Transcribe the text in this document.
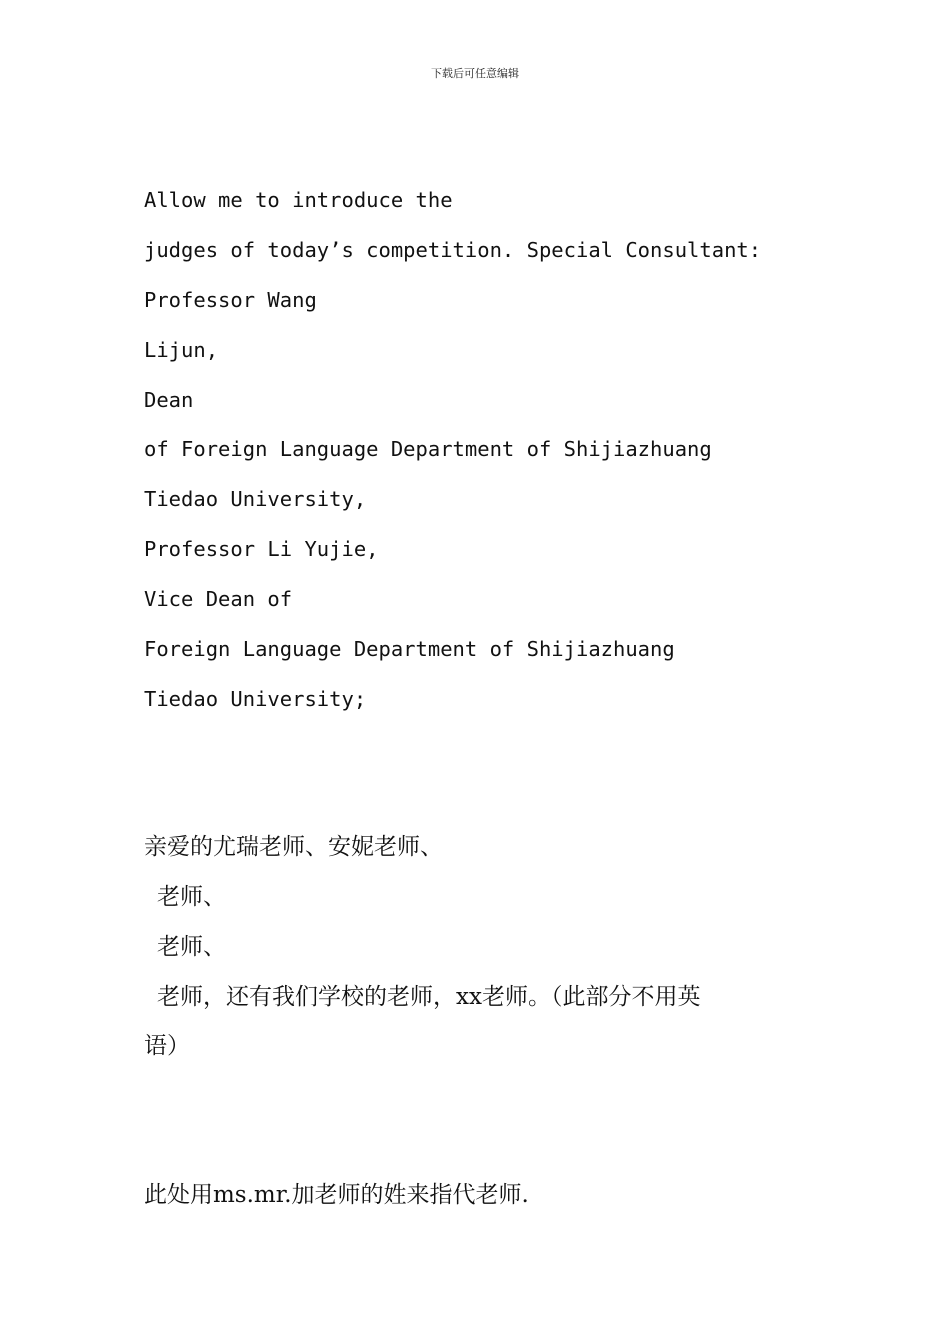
下载后可任意编辑

Allow me to introduce the

judges of today’s competition. Special Consultant:

Professor Wang

Lijun,

Dean

of Foreign Language Department of Shijiazhuang

Tiedao University,

Professor Li Yujie,

Vice Dean of

Foreign Language Department of Shijiazhuang

Tiedao University;

亲爱的尤瑞老师、安妮老师、

老师、

老师、

老师，还有我们学校的老师，xx老师。（此部分不用英

语）

此处用ms.mr.加老师的姓来指代老师.
